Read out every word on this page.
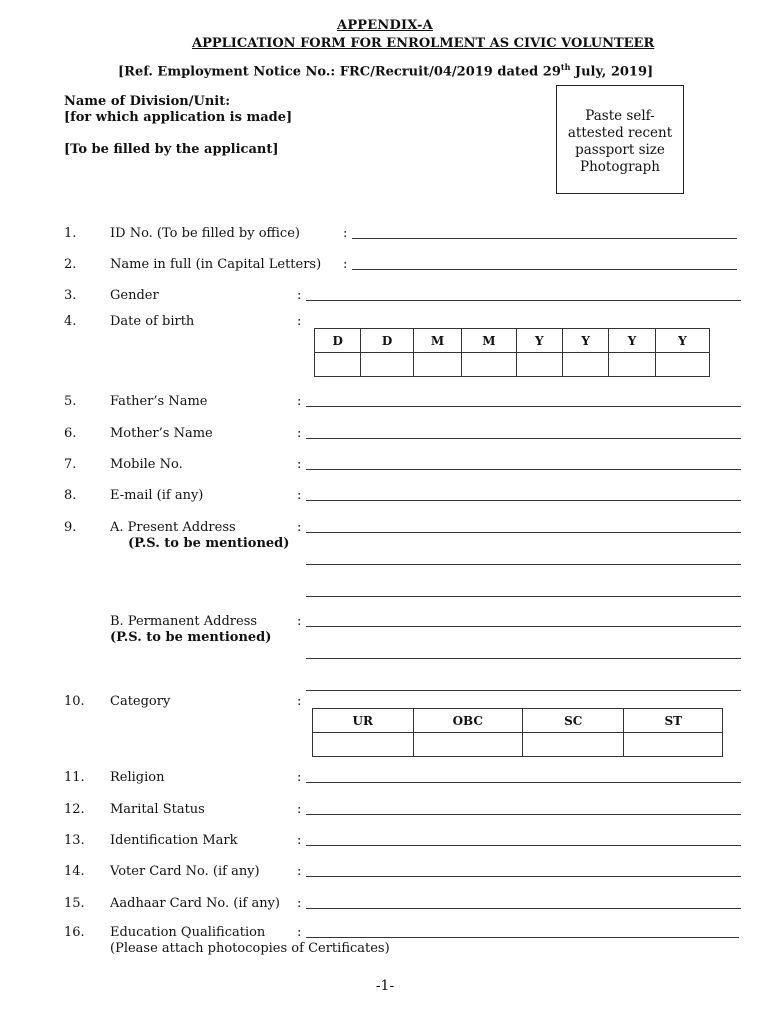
APPENDIX-A
APPLICATION FORM FOR ENROLMENT AS CIVIC VOLUNTEER
[Ref. Employment Notice No.: FRC/Recruit/04/2019 dated 29th July, 2019]
Name of Division/Unit:
[for which application is made]
[To be filled by the applicant]
Paste self-
attested recent
passport size
Photograph
1.	ID No. (To be filled by office)	:
2.	Name in full (in Capital Letters) :
3.	Gender	:
4.	Date of birth	:
D	D	M	M	Y	Y	Y	Y

5.	Father’s Name	:
6.	Mother’s Name	:
7.	Mobile No.	:
8.	E-mail (if any)	:
9.	A. Present Address
(P.S. to be mentioned)
:
B. Permanent Address
(P.S. to be mentioned)
:
10. Category	:
UR	OBC	SC	ST

11. Religion	:
12. Marital Status	:
13. Identification Mark	:
14. Voter Card No. (if any)	:
15. Aadhaar Card No. (if any) :
16. Education Qualification :
(Please attach photocopies of Certificates)
-1-
